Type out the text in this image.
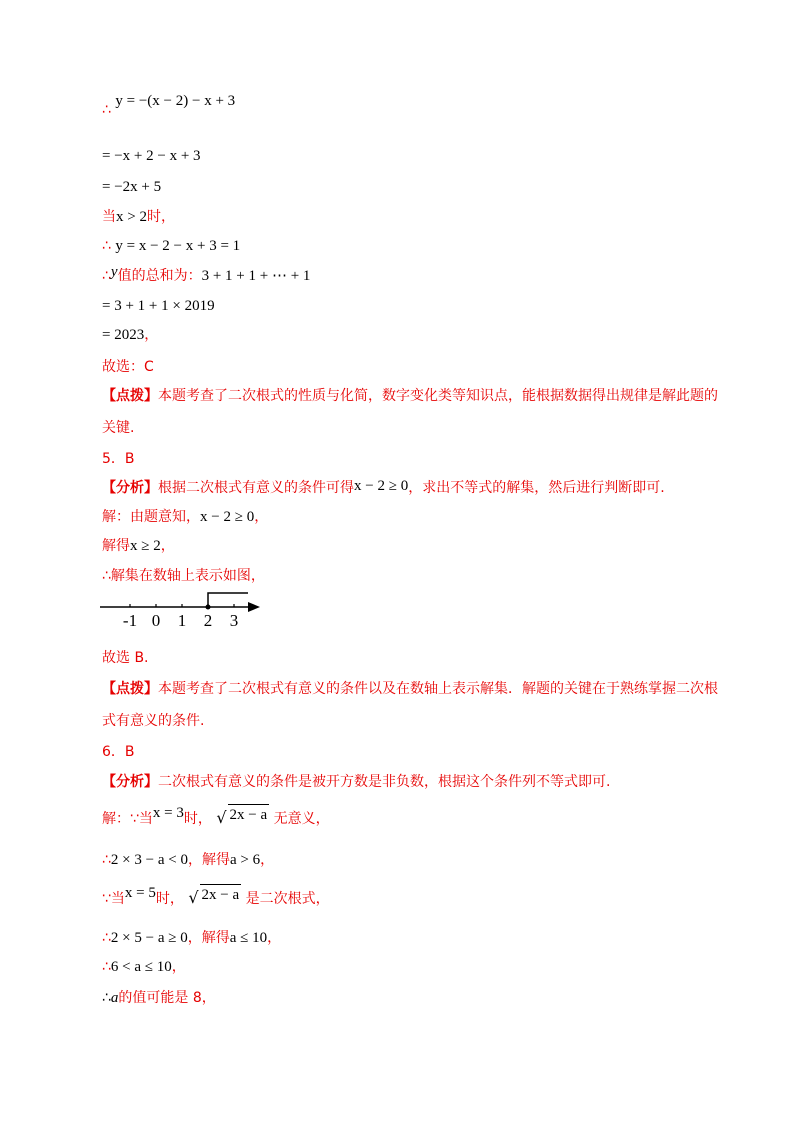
∴ y = −(x − 2) − x + 3
= −x + 2 − x + 3
= −2x + 5
当x > 2时，
∴ y = x − 2 − x + 3 = 1
∴y值的总和为：3 + 1 + 1 + ⋯ + 1
= 3 + 1 + 1 × 2019
= 2023，
故选：C
【点拨】本题考查了二次根式的性质与化简，数字变化类等知识点，能根据数据得出规律是解此题的
关键.
5．B
【分析】根据二次根式有意义的条件可得x − 2 ≥ 0，求出不等式的解集，然后进行判断即可.
解：由题意知，x − 2 ≥ 0，
解得x ≥ 2，
∴解集在数轴上表示如图，
-1 0 1 2 3
故选 B.
【点拨】本题考查了二次根式有意义的条件以及在数轴上表示解集．解题的关键在于熟练掌握二次根
式有意义的条件.
6．B
【分析】二次根式有意义的条件是被开方数是非负数，根据这个条件列不等式即可.
解：∵当x = 3时， √ 2x − a 无意义，
∴2 × 3 − a < 0，解得a > 6，
∵当x = 5时， √ 2x − a 是二次根式，
∴2 × 5 − a ≥ 0，解得a ≤ 10，
∴6 < a ≤ 10，
∴a的值可能是 8，
